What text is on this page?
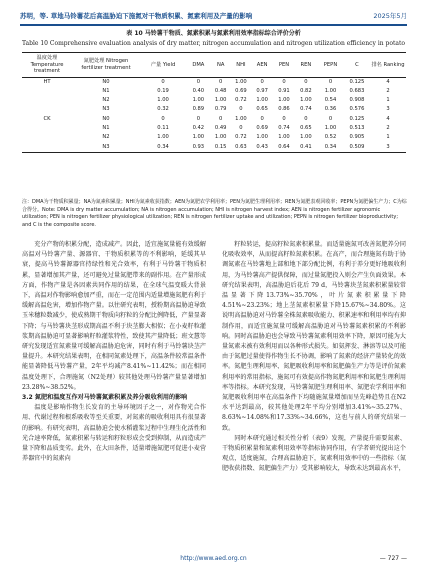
苏明，等. 草地马铃薯花后高温胁迫下施氮对干物质积累、氮素利用及产量的影响	2025年5月
表 10 马铃薯干物质、氮素积累与氮素利用效率指标综合评价分析
Table 10 Comprehensive evaluation analysis of dry matter, nitrogen accumulation and nitrogen utilization efficiency in potato
温度处理 Temperature treatment	氮肥处理 Nitrogen fertilizer treatment	产量 Yield	DMA	NA	NHI	AEN	PEN	REN	PEPN	C	排名 Ranking
HT	N0	0	0	0	1.00	0	0	0	0	0.125	4
	N1	0.19	0.40	0.48	0.69	0.97	0.91	0.82	1.00	0.683	2
	N2	1.00	1.00	1.00	0.72	1.00	1.00	1.00	0.54	0.908	1
	N3	0.32	0.89	0.79	0	0.65	0.86	0.74	0.36	0.576	3
CK	N0	0	0	0	1.00	0	0	0	0	0.125	4
	N1	0.11	0.42	0.49	0	0.69	0.74	0.65	1.00	0.513	2
	N2	1.00	1.00	1.00	0.72	1.00	1.00	1.00	0.52	0.905	1
	N3	0.34	0.93	0.15	0.63	0.43	0.64	0.41	0.34	0.509	3
注：DMA为干物质积累量；NA为氮素积累量；NHI为氮素收获指数；AEN为氮肥农学利用率；PEN为氮肥生理利用率；REN为氮肥表观回收率；PEPN为氮肥偏生产力；C为综合得分。Note: DMA is dry matter accumulation; NA is nitrogen accumulation; NHI is nitrogen harvest index; AEN is nitrogen fertilizer agronomic utilization; PEN is nitrogen fertilizer physiological utilization; REN is nitrogen fertilizer uptake and utilization; PEPN is nitrogen fertilizer bioproductivity; and C is the composite score.

充分产物的积累分配，造成减产。因此，适宜施氮量能有效缓解高温对马铃薯产量、源器官、干物质积累等的不利影响，延缓其早衰，提高马铃薯源器官持绿性和光合效率，有利于马铃薯干物质积累，显著增加其产量，还可避免过量氮肥带来的副作用。在产量形成方面，作物产量是各因素共同作用的结果，在全球气温变暖大背景下，高温对作物影响愈加严重，而在一定范围内适量增施氮肥有利于缓解高温危害，增加作物产量。以往研究表明，授粉期高温胁迫导致玉米穗粒数减少，使成熟期干物质向籽粒的分配比例降低，产量显著下降；与马铃薯块茎形成期高温不利于块茎膨大相似；在小麦籽粒灌浆期高温胁迫可显著影响籽粒灌浆特性，致使其产量降低；班文慧等研究发现适宜氮素量可缓解高温胁迫危害，同时有利于马铃薯块茎产量提升。本研究结果表明，在相同氮素处理下，高温条件较常温条件能显著降低马铃薯产量，2年平均减产8.41%~11.42%；而在相同温度处理下，合理施氮（N2处理）较其他处理马铃薯产量显著增加23.28%~38.52%。

3.2 氮肥和温度互作对马铃薯氮素积累及养分吸收利用的影响

温度是影响作物生长发育的主导环境因子之一，对作物光合作用、代谢过程和根系吸收等至关重要，对氮素的吸收利用具有很显著的影响。有研究表明，高温胁迫会使水稻灌浆过程中生理生化活性和光合速率降低，氮素积累与转运和籽粒形成会受到抑制，从而造成产量下降和品质变劣。此外，在大田条件，适量增施氮肥可促进小麦营养器官中的氮素向

籽粒转运，提高籽粒氮素积累量。而适量施氮可改善氮肥养分同化吸收效率，从而提高籽粒氮素积累。在高产，而合理施氮有助于协调氮素在马铃薯地上部和地下部分配比例，有利于养分更好地吸收利用，为马铃薯高产提供保障，而过量氮肥投入则会产生负面效果。本研究结果表明，高温胁迫后花后 79 d，马铃薯块茎氮素积累量较常温显著下降13.73%~35.70%，叶片氮素积累量下降4.51%~23.23%；地上茎氮素积累量下降15.67%~34.80%。这说明高温胁迫对马铃薯全株氮素吸收能力、积累速率和利用率均有抑制作用，而适宜施氮量可缓解高温胁迫对马铃薯氮素积累的不利影响。同时高温胁迫也会导致马铃薯氮素利用效率下降，原因可能为大量氮素未被有效利用而以各种形式损失。如氨挥发、淋溶等以及可能由于氮肥过量使得作物生长不协调，影响了氮素的经济产量转化的效率。氮肥生理利用率、氮肥吸收利用率和氮肥偏生产力等是评价氮素利用率的常用指标，施氮可有效提高作物氮肥利用率和氮肥生理利用率等指标。本研究发现，马铃薯氮肥生理利用率、氮肥农学利用率和氮肥吸收利用率在高温条件下均随施氮量增加而呈先峰趋势且在N2水平达到最高，较其他处理2年平均分别增加3.41%~35.27%、8.63%~14.08%和17.33%~34.66%，这也与前人的研究结果一致。

同时本研究通过相关性分析（表9）发现，产量提升需要氮素、干物质积累量和氮素利用效率等指标协同作用，有学者研究提出这个观点，适度施氮，合理高温胁迫下，氮素利用效率中的一些指标（氮肥收获指数、氮肥偏生产力）受其影响较大，导致未达到最高水平，

http://www.aed.org.cn	— 727 —
